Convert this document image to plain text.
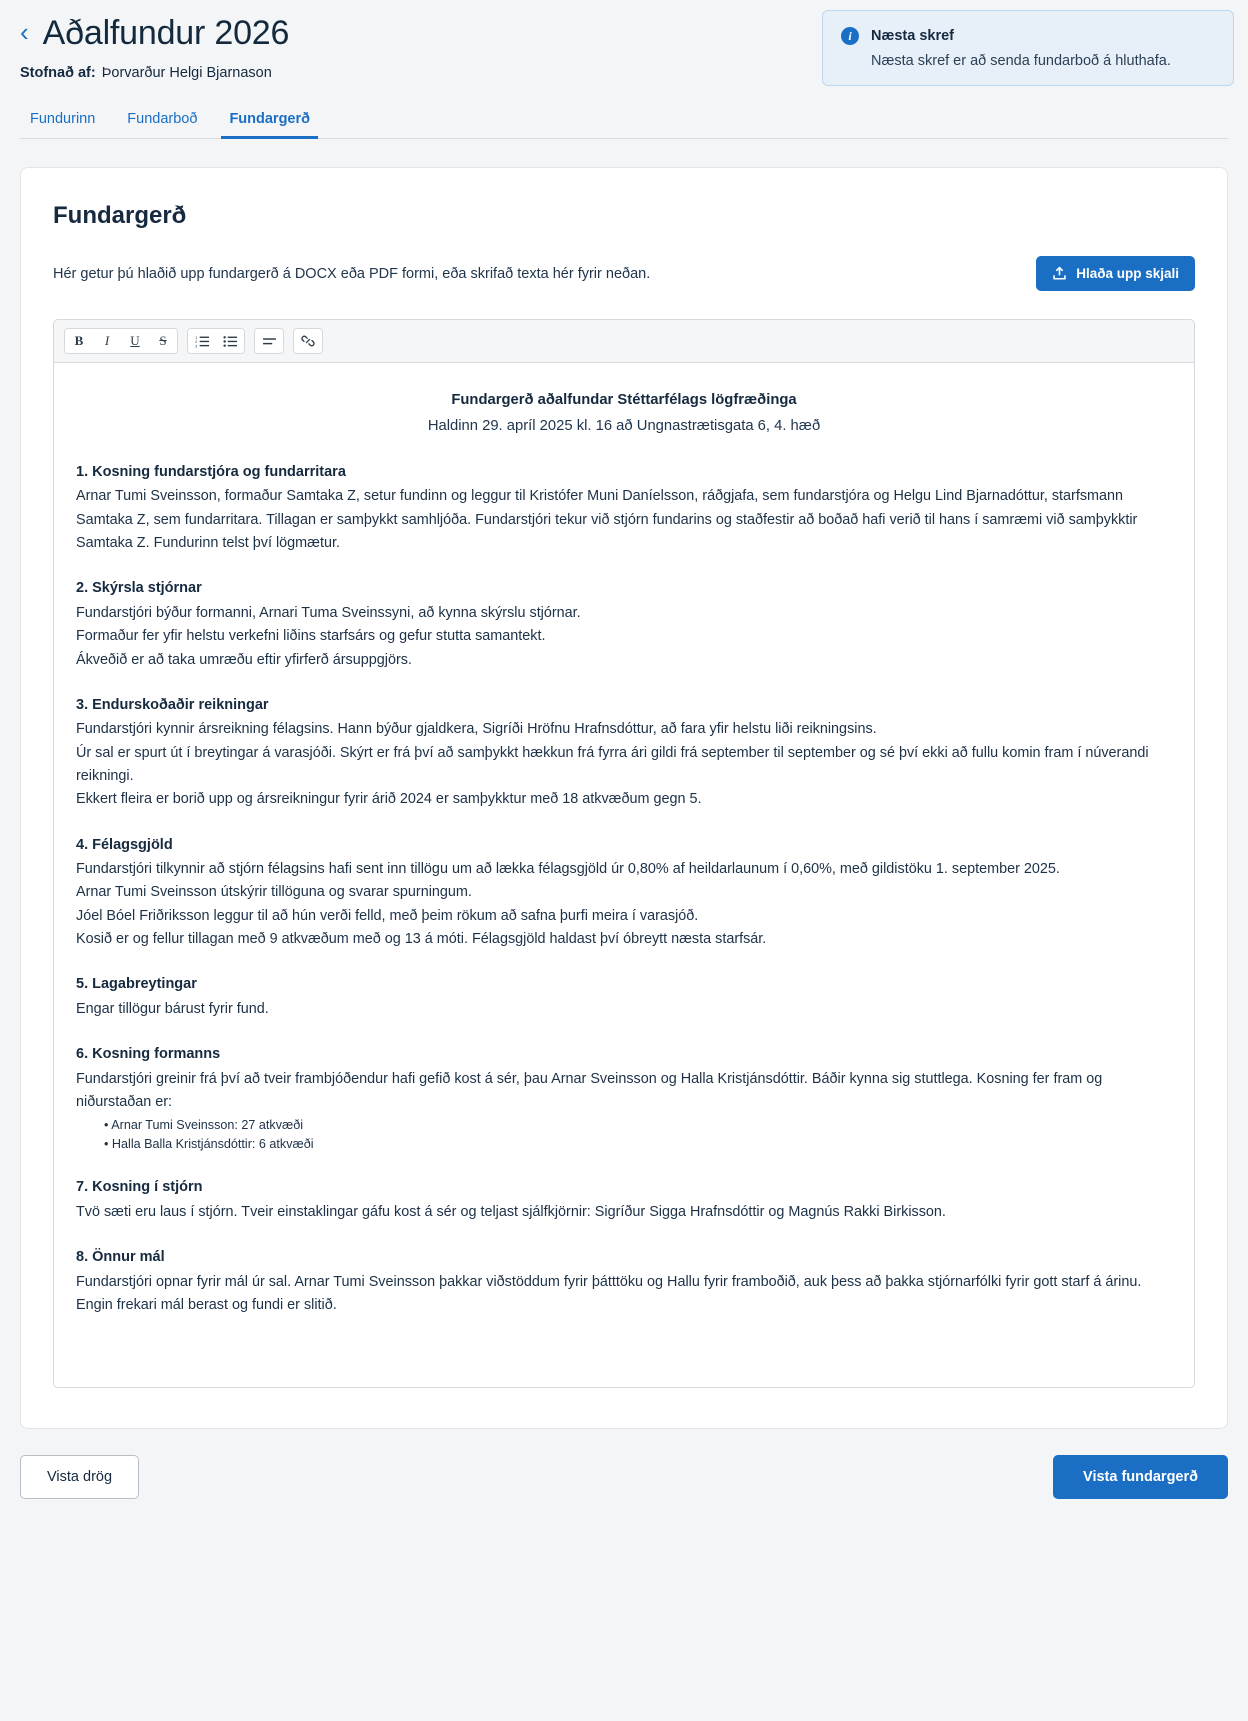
‹ Aðalfundur 2026
Stofnað af: Þorvarður Helgi Bjarnason
Fundurinn	Fundarboð	Fundargerð
i	Næsta skref
Næsta skref er að senda fundarboð á hluthafa.
Fundargerð
Hér getur þú hlaðið upp fundargerð á DOCX eða PDF formi, eða skrifað texta hér fyrir neðan.	Hlaða upp skjali
B	I	U	S	1
2
3
Fundargerð aðalfundar Stéttarfélags lögfræðinga
Haldinn 29. apríl 2025 kl. 16 að Ungnastrætisgata 6, 4. hæð
1. Kosning fundarstjóra og fundarritara

Arnar Tumi Sveinsson, formaður Samtaka Z, setur fundinn og leggur til Kristófer Muni Daníelsson, ráðgjafa, sem fundarstjóra og Helgu Lind Bjarnadóttur, starfsmann Samtaka Z, sem fundarritara. Tillagan er samþykkt samhljóða. Fundarstjóri tekur við stjórn fundarins og staðfestir að boðað hafi verið til hans í samræmi við samþykktir Samtaka Z. Fundurinn telst því lögmætur.

2. Skýrsla stjórnar

Fundarstjóri býður formanni, Arnari Tuma Sveinssyni, að kynna skýrslu stjórnar.

Formaður fer yfir helstu verkefni liðins starfsárs og gefur stutta samantekt.

Ákveðið er að taka umræðu eftir yfirferð ársuppgjörs.

3. Endurskoðaðir reikningar

Fundarstjóri kynnir ársreikning félagsins. Hann býður gjaldkera, Sigríði Hröfnu Hrafnsdóttur, að fara yfir helstu liði reikningsins.

Úr sal er spurt út í breytingar á varasjóði. Skýrt er frá því að samþykkt hækkun frá fyrra ári gildi frá september til september og sé því ekki að fullu komin fram í núverandi reikningi.

Ekkert fleira er borið upp og ársreikningur fyrir árið 2024 er samþykktur með 18 atkvæðum gegn 5.

4. Félagsgjöld

Fundarstjóri tilkynnir að stjórn félagsins hafi sent inn tillögu um að lækka félagsgjöld úr 0,80% af heildarlaunum í 0,60%, með gildistöku 1. september 2025.

Arnar Tumi Sveinsson útskýrir tillöguna og svarar spurningum.

Jóel Bóel Friðriksson leggur til að hún verði felld, með þeim rökum að safna þurfi meira í varasjóð.

Kosið er og fellur tillagan með 9 atkvæðum með og 13 á móti. Félagsgjöld haldast því óbreytt næsta starfsár.

5. Lagabreytingar

Engar tillögur bárust fyrir fund.

6. Kosning formanns

Fundarstjóri greinir frá því að tveir frambjóðendur hafi gefið kost á sér, þau Arnar Sveinsson og Halla Kristjánsdóttir. Báðir kynna sig stuttlega. Kosning fer fram og niðurstaðan er:

• Arnar Tumi Sveinsson: 27 atkvæði
• Halla Balla Kristjánsdóttir: 6 atkvæði
7. Kosning í stjórn

Tvö sæti eru laus í stjórn. Tveir einstaklingar gáfu kost á sér og teljast sjálfkjörnir: Sigríður Sigga Hrafnsdóttir og Magnús Rakki Birkisson.

8. Önnur mál

Fundarstjóri opnar fyrir mál úr sal. Arnar Tumi Sveinsson þakkar viðstöddum fyrir þátttöku og Hallu fyrir framboðið, auk þess að þakka stjórnarfólki fyrir gott starf á árinu.

Engin frekari mál berast og fundi er slitið.

Vista drög	Vista fundargerð
